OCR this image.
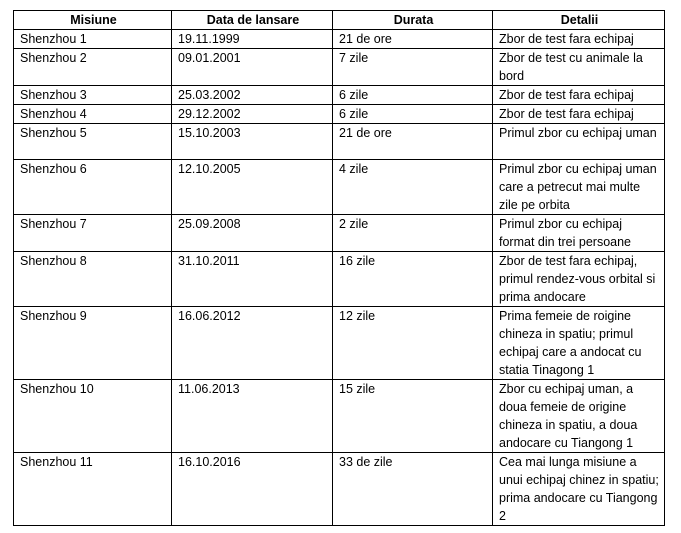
Misiune	Data de lansare	Durata	Detalii
Shenzhou 1	19.11.1999	21 de ore	Zbor de test fara echipaj
Shenzhou 2	09.01.2001	7 zile	Zbor de test cu animale la bord
Shenzhou 3	25.03.2002	6 zile	Zbor de test fara echipaj
Shenzhou 4	29.12.2002	6 zile	Zbor de test fara echipaj
Shenzhou 5	15.10.2003	21 de ore	Primul zbor cu echipaj uman
Shenzhou 6	12.10.2005	4 zile	Primul zbor cu echipaj uman care a petrecut mai multe zile pe orbita
Shenzhou 7	25.09.2008	2 zile	Primul zbor cu echipaj format din trei persoane
Shenzhou 8	31.10.2011	16 zile	Zbor de test fara echipaj, primul rendez-vous orbital si prima andocare
Shenzhou 9	16.06.2012	12 zile	Prima femeie de roigine chineza in spatiu; primul echipaj care a andocat cu statia Tinagong 1
Shenzhou 10	11.06.2013	15 zile	Zbor cu echipaj uman, a doua femeie de origine chineza in spatiu, a doua andocare cu Tiangong 1
Shenzhou 11	16.10.2016	33 de zile	Cea mai lunga misiune a unui echipaj chinez in spatiu; prima andocare cu Tiangong 2
